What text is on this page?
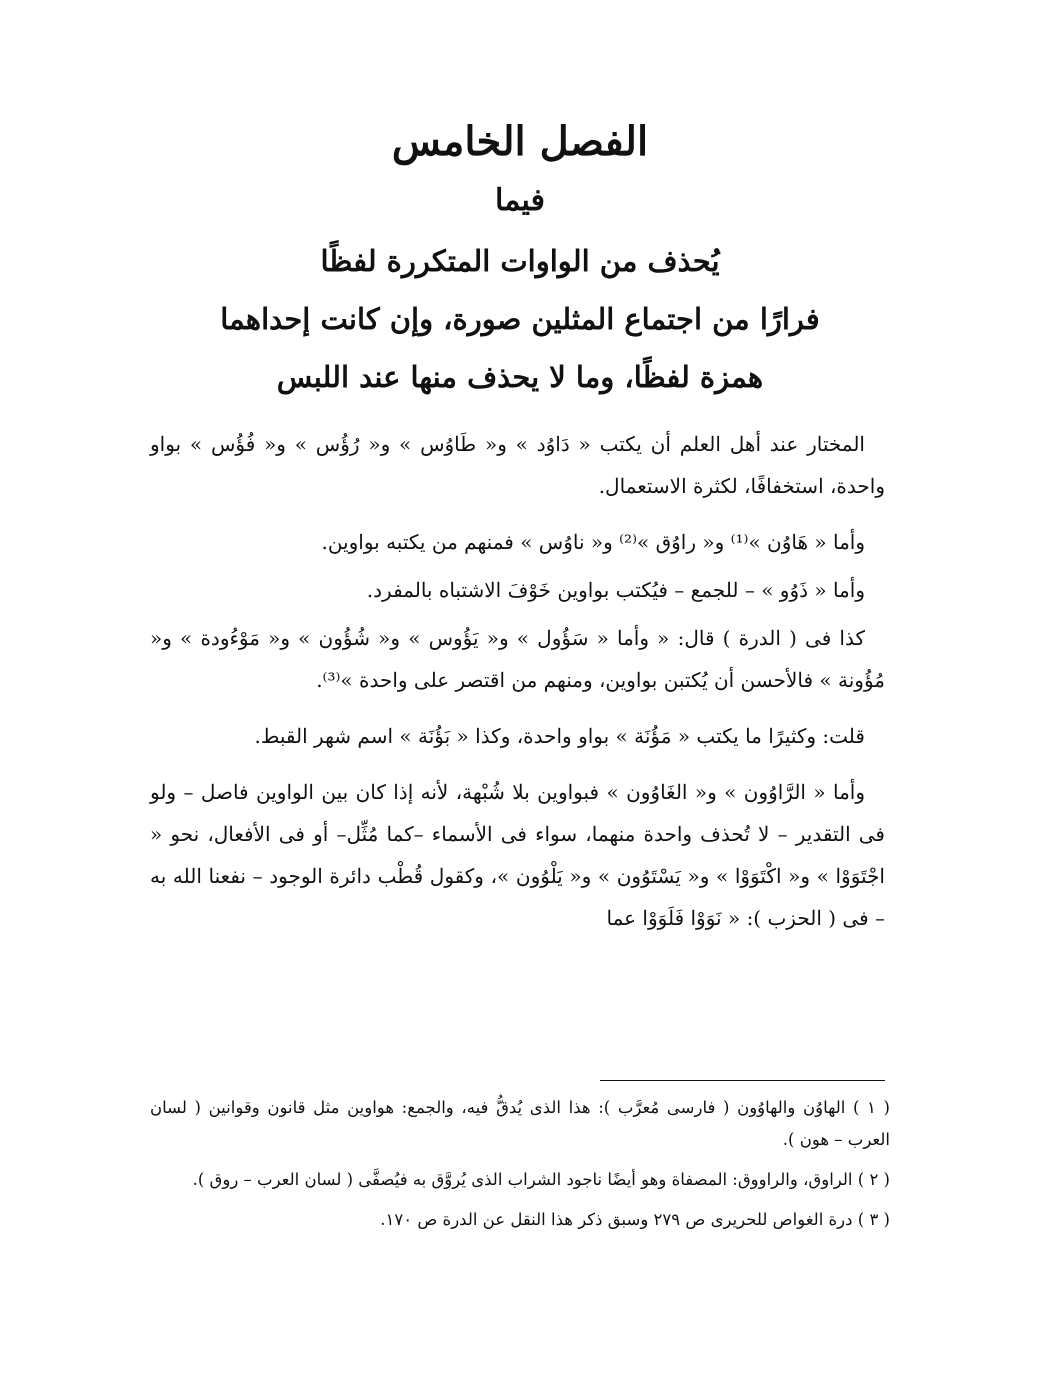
الفصل الخامس
فيما
يُحذف من الواوات المتكررة لفظًا
فرارًا من اجتماع المثلين صورة، وإن كانت إحداهما
همزة لفظًا، وما لا يحذف منها عند اللبس

المختار عند أهل العلم أن يكتب « دَاوُد » و« طَاوُس » و« رُؤُس » و« فُؤُس » بواو واحدة، استخفافًا، لكثرة الاستعمال.

وأما « هَاوُن »⁽¹⁾ و« راوُق »⁽²⁾ و« ناوُس » فمنهم من يكتبه بواوين.

وأما « ذَوُو » – للجمع – فيُكتب بواوين خَوْفَ الاشتباه بالمفرد.

كذا فى ( الدرة ) قال: « وأما « سَؤُول » و« يَؤُوس » و« شُؤُون » و« مَوْءُودة » و« مُؤُونة » فالأحسن أن يُكتبن بواوين، ومنهم من اقتصر على واحدة »⁽³⁾.

قلت: وكثيرًا ما يكتب « مَؤُنَة » بواو واحدة، وكذا « بَؤُنَة » اسم شهر القبط.

وأما « الرَّاوُون » و« الغَاوُون » فبواوين بلا شُبْهة، لأنه إذا كان بين الواوين فاصل – ولو فى التقدير – لا تُحذف واحدة منهما، سواء فى الأسماء –كما مُثِّل– أو فى الأفعال، نحو « اجْتَوَوْا » و« اكْتَوَوْا » و« يَسْتَوُون » و« يَلْوُون »، وكقول قُطْب دائرة الوجود – نفعنا الله به – فى ( الحزب ): « نَوَوْا فَلَوَوْا عما

( ١ ) الهاوُن والهاوُون ( فارسى مُعرَّب ): هذا الذى يُدقُّ فيه، والجمع: هواوين مثل قانون وقوانين ( لسان العرب – هون ).

( ٢ ) الراوق، والراووق: المصفاة وهو أيضًا ناجود الشراب الذى يُروَّق به فيُصفَّى ( لسان العرب – روق ).

( ٣ ) درة الغواص للحريرى ص ٢٧٩ وسبق ذكر هذا النقل عن الدرة ص ١٧٠.
